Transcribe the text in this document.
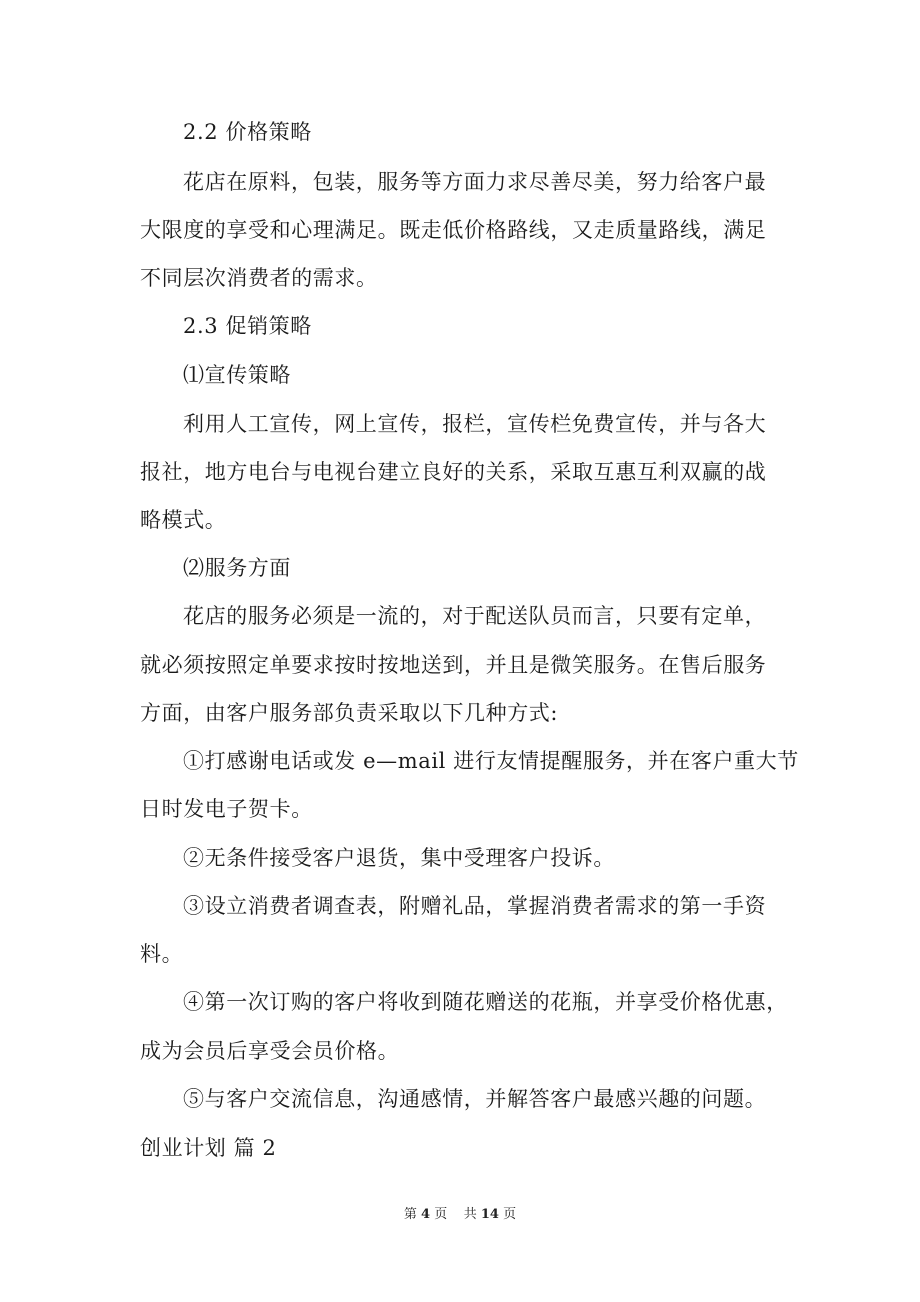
2.2 价格策略
花店在原料，包装，服务等方面力求尽善尽美，努力给客户最
大限度的享受和心理满足。既走低价格路线，又走质量路线，满足
不同层次消费者的需求。
2.3 促销策略
⑴宣传策略
利用人工宣传，网上宣传，报栏，宣传栏免费宣传，并与各大
报社，地方电台与电视台建立良好的关系，采取互惠互利双赢的战
略模式。
⑵服务方面
花店的服务必须是一流的，对于配送队员而言，只要有定单，
就必须按照定单要求按时按地送到，并且是微笑服务。在售后服务
方面，由客户服务部负责采取以下几种方式:
①打感谢电话或发 e—mail 进行友情提醒服务，并在客户重大节
日时发电子贺卡。
②无条件接受客户退货，集中受理客户投诉。
③设立消费者调查表，附赠礼品，掌握消费者需求的第一手资
料。
④第一次订购的客户将收到随花赠送的花瓶，并享受价格优惠，
成为会员后享受会员价格。
⑤与客户交流信息，沟通感情，并解答客户最感兴趣的问题。
创业计划 篇 2
第 4 页 共 14 页
